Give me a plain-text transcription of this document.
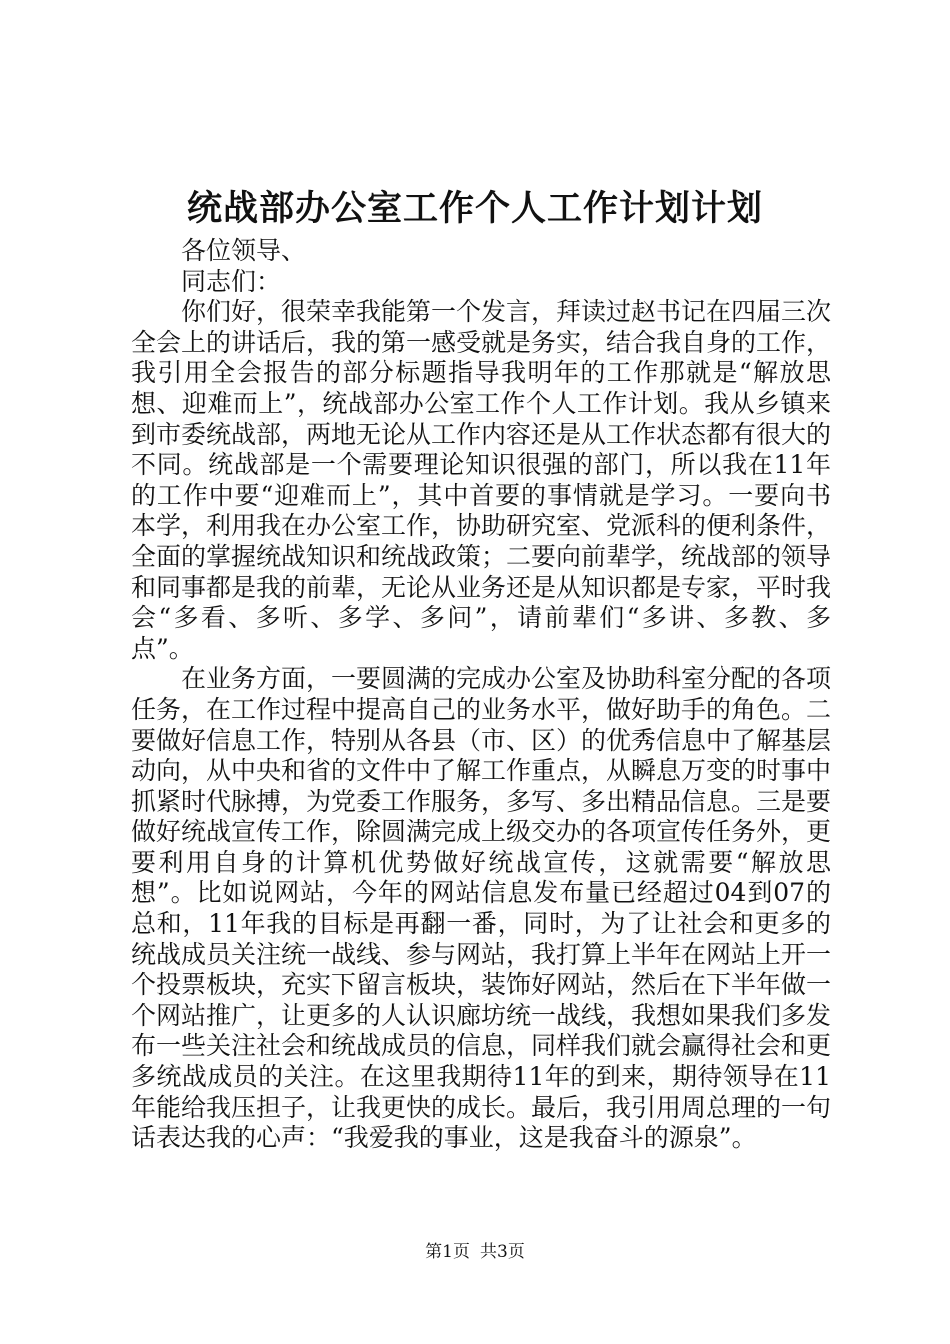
统战部办公室工作个人工作计划计划

各位领导、

同志们：

你们好，很荣幸我能第一个发言，拜读过赵书记在四届三次全会上的讲话后，我的第一感受就是务实，结合我自身的工作，我引用全会报告的部分标题指导我明年的工作那就是“解放思想、迎难而上”，统战部办公室工作个人工作计划。我从乡镇来到市委统战部，两地无论从工作内容还是从工作状态都有很大的不同。统战部是一个需要理论知识很强的部门，所以我在11年的工作中要“迎难而上”，其中首要的事情就是学习。一要向书本学，利用我在办公室工作，协助研究室、党派科的便利条件，全面的掌握统战知识和统战政策；二要向前辈学，统战部的领导和同事都是我的前辈，无论从业务还是从知识都是专家，平时我会“多看、多听、多学、多问”，请前辈们“多讲、多教、多点”。

在业务方面，一要圆满的完成办公室及协助科室分配的各项任务，在工作过程中提高自己的业务水平，做好助手的角色。二要做好信息工作，特别从各县（市、区）的优秀信息中了解基层动向，从中央和省的文件中了解工作重点，从瞬息万变的时事中抓紧时代脉搏，为党委工作服务，多写、多出精品信息。三是要做好统战宣传工作，除圆满完成上级交办的各项宣传任务外，更要利用自身的计算机优势做好统战宣传，这就需要“解放思想”。比如说网站，今年的网站信息发布量已经超过04到07的总和，11年我的目标是再翻一番，同时，为了让社会和更多的统战成员关注统一战线、参与网站，我打算上半年在网站上开一个投票板块，充实下留言板块，装饰好网站，然后在下半年做一个网站推广，让更多的人认识廊坊统一战线，我想如果我们多发布一些关注社会和统战成员的信息，同样我们就会赢得社会和更多统战成员的关注。在这里我期待11年的到来，期待领导在11年能给我压担子，让我更快的成长。最后，我引用周总理的一句话表达我的心声：“我爱我的事业，这是我奋斗的源泉”。

第1页 共3页
